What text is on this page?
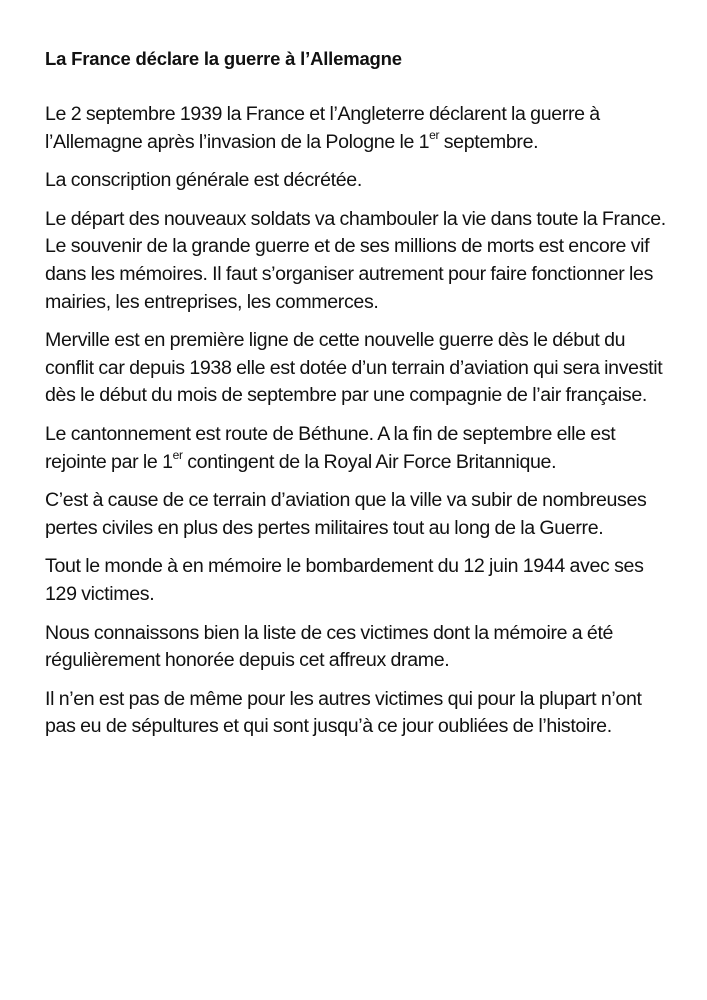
La France déclare la guerre à l’Allemagne

Le 2 septembre 1939 la France et l’Angleterre déclarent la guerre à l’Allemagne après l’invasion de la Pologne le 1er septembre.

La conscription générale est décrétée.

Le départ des nouveaux soldats va chambouler la vie dans toute la France. Le souvenir de la grande guerre et de ses millions de morts est encore vif dans les mémoires. Il faut s’organiser autrement pour faire fonctionner les mairies, les entreprises, les commerces.

Merville est en première ligne de cette nouvelle guerre dès le début du conflit car depuis 1938 elle est dotée d’un terrain d’aviation qui sera investit dès le début du mois de septembre par une compagnie de l’air française.

Le cantonnement est route de Béthune. A la fin de septembre elle est rejointe par le 1er contingent de la Royal Air Force Britannique.

C’est à cause de ce terrain d’aviation que la ville va subir de nombreuses pertes civiles en plus des pertes militaires tout au long de la Guerre.

Tout le monde à en mémoire le bombardement du 12 juin 1944 avec ses 129 victimes.

Nous connaissons bien la liste de ces victimes dont la mémoire a été régulièrement honorée depuis cet affreux drame.

Il n’en est pas de même pour les autres victimes qui pour la plupart n’ont pas eu de sépultures et qui sont jusqu’à ce jour oubliées de l’histoire.
